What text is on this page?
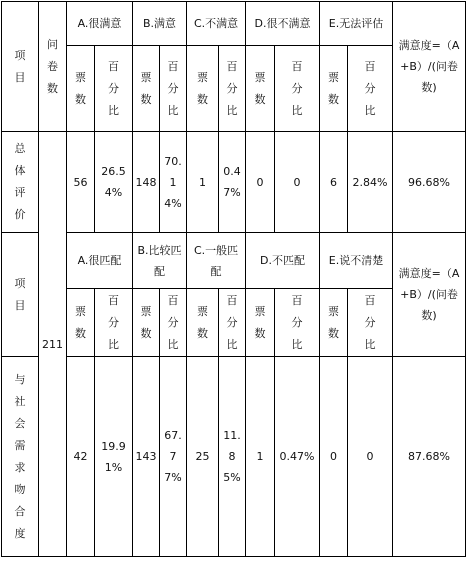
项目	问卷数	A.很满意		B.满意		C.不满意		D.很不满意		E.无法评估		满意度=（A+B）/(问卷数)

		票数	百分比	票数	百分比	票数	百分比	票数	百分比	票数	百分比	

总体评价	211	56	26.54%	148	70.14%	1	0.47%	0	0	6	2.84%	96.68%

项目		A.很匹配		B.比较匹配		C.一般匹配		D.不匹配		E.说不清楚		满意度=（A+B）/(问卷数)

		票数	百分比	票数	百分比	票数	百分比	票数	百分比	票数	百分比	

与社会需求吻合度		42	19.91%	143	67.77%	25	11.85%	1	0.47%	0	0	87.68%
